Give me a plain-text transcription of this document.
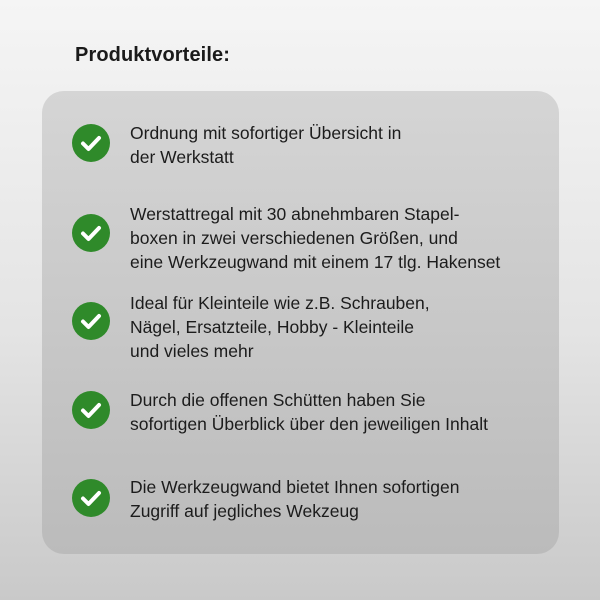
Produktvorteile:
Ordnung mit sofortiger Übersicht in
der Werkstatt
Werstattregal mit 30 abnehmbaren Stapel-
boxen in zwei verschiedenen Größen, und
eine Werkzeugwand mit einem 17 tlg. Hakenset
Ideal für Kleinteile wie z.B. Schrauben,
Nägel, Ersatzteile, Hobby - Kleinteile
und vieles mehr
Durch die offenen Schütten haben Sie
sofortigen Überblick über den jeweiligen Inhalt
Die Werkzeugwand bietet Ihnen sofortigen
Zugriff auf jegliches Wekzeug
